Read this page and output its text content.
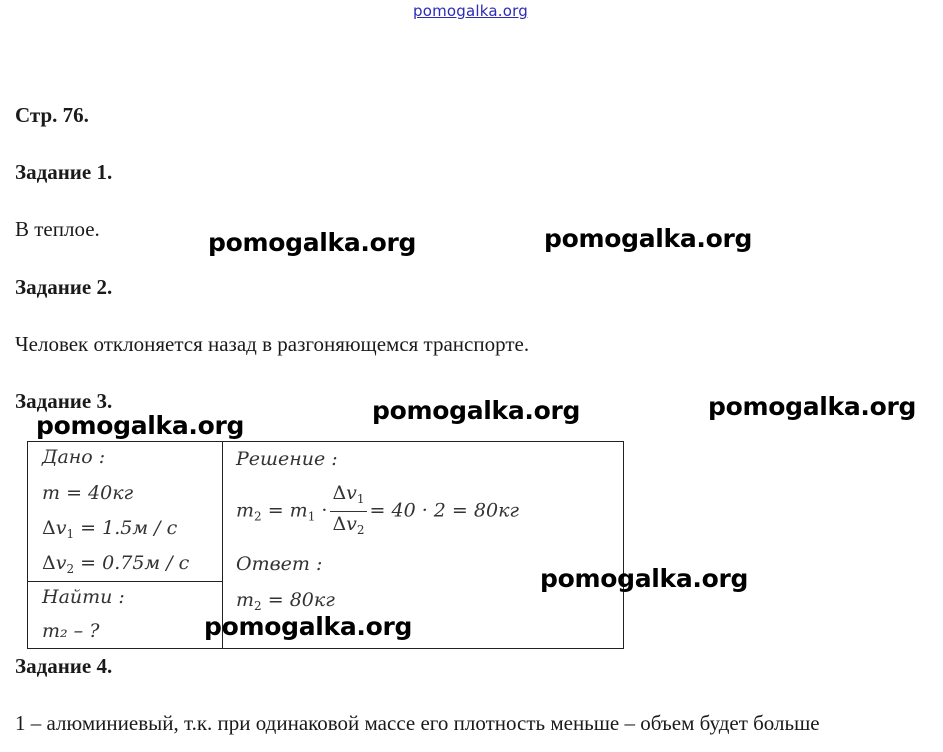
pomogalka.org
Стр. 76.
Задание 1.
В теплое.
Задание 2.
Человек отклоняется назад в разгоняющемся транспорте.
Задание 3.
Дано :
m = 40кг
$\Delta v_1 = 1.5м / с$
$\Delta v_2 = 0.75м / с$
Найти :
m₂ – ?
Решение :
$m_2 = m_1 \cdot \frac{\Delta v_1}{\Delta v_2} = 40 \cdot 2 = 80кг$
Ответ :
$m_2 = 80кг$
Задание 4.
1 – алюминиевый, т.к. при одинаковой массе его плотность меньше – объем будет больше
pomogalka.org	pomogalka.org
pomogalka.org	pomogalka.org
pomogalka.org
pomogalka.org
pomogalka.org
